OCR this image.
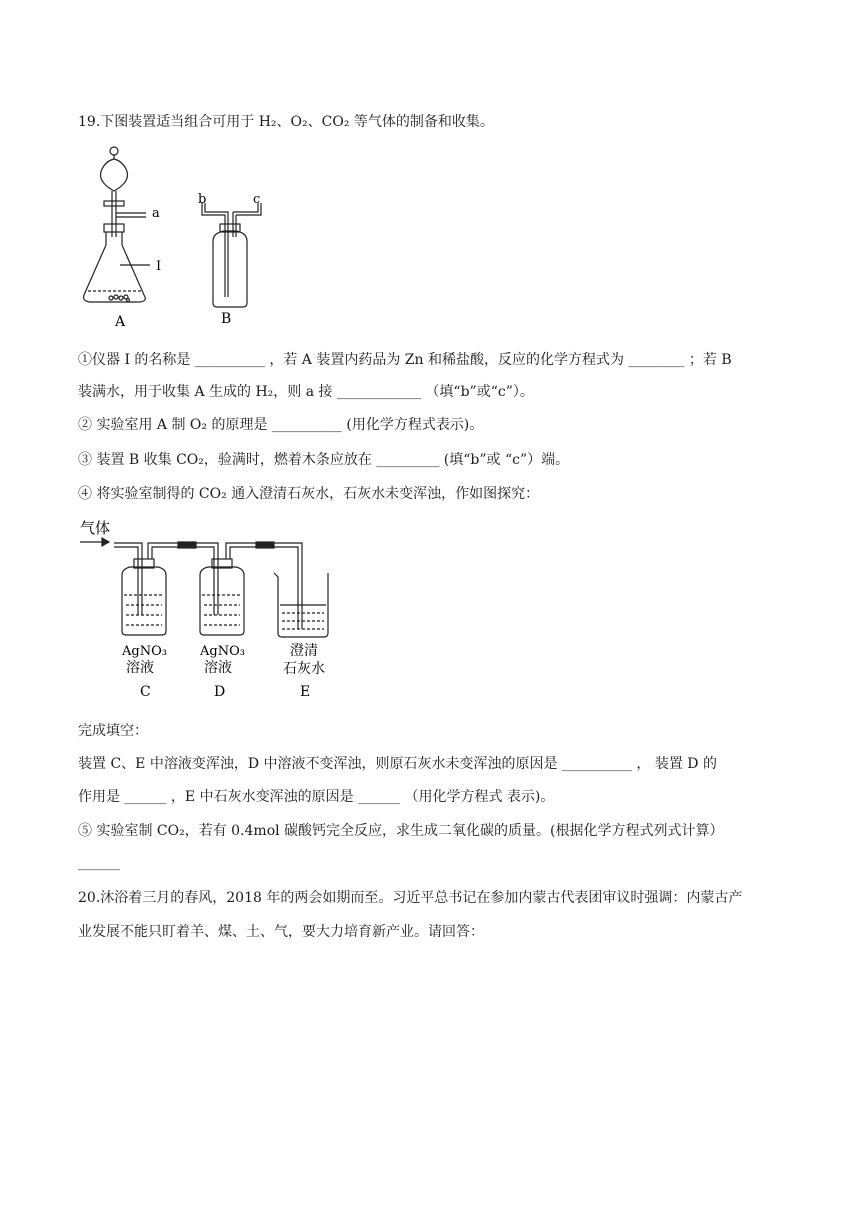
19.下图装置适当组合可用于 H₂、O₂、CO₂ 等气体的制备和收集。
a
I
A
b	c
B
①仪器 I 的名称是 __________ ，若 A 装置内药品为 Zn 和稀盐酸，反应的化学方程式为 ________ ；若 B
装满水，用于收集 A 生成的 H₂，则 a 接 ____________ （填“b”或“c”）。
② 实验室用 A 制 O₂ 的原理是 __________ (用化学方程式表示)。
③ 装置 B 收集 CO₂，验满时，燃着木条应放在 _________ (填“b”或 “c”）端。
④ 将实验室制得的 CO₂ 通入澄清石灰水，石灰水未变浑浊，作如图探究：
气体
AgNO₃
溶液
AgNO₃
溶液
澄清
石灰水
C	D	E
完成填空：
装置 C、E 中溶液变浑浊，D 中溶液不变浑浊，则原石灰水未变浑浊的原因是 __________ ， 装置 D 的
作用是 ______ ，E 中石灰水变浑浊的原因是 ______ （用化学方程式 表示)。
⑤ 实验室制 CO₂，若有 0.4mol 碳酸钙完全反应，求生成二氧化碳的质量。(根据化学方程式列式计算）
______
20.沐浴着三月的春风，2018 年的两会如期而至。习近平总书记在参加内蒙古代表团审议时强调：内蒙古产
业发展不能只盯着羊、煤、土、气，要大力培育新产业。请回答：
